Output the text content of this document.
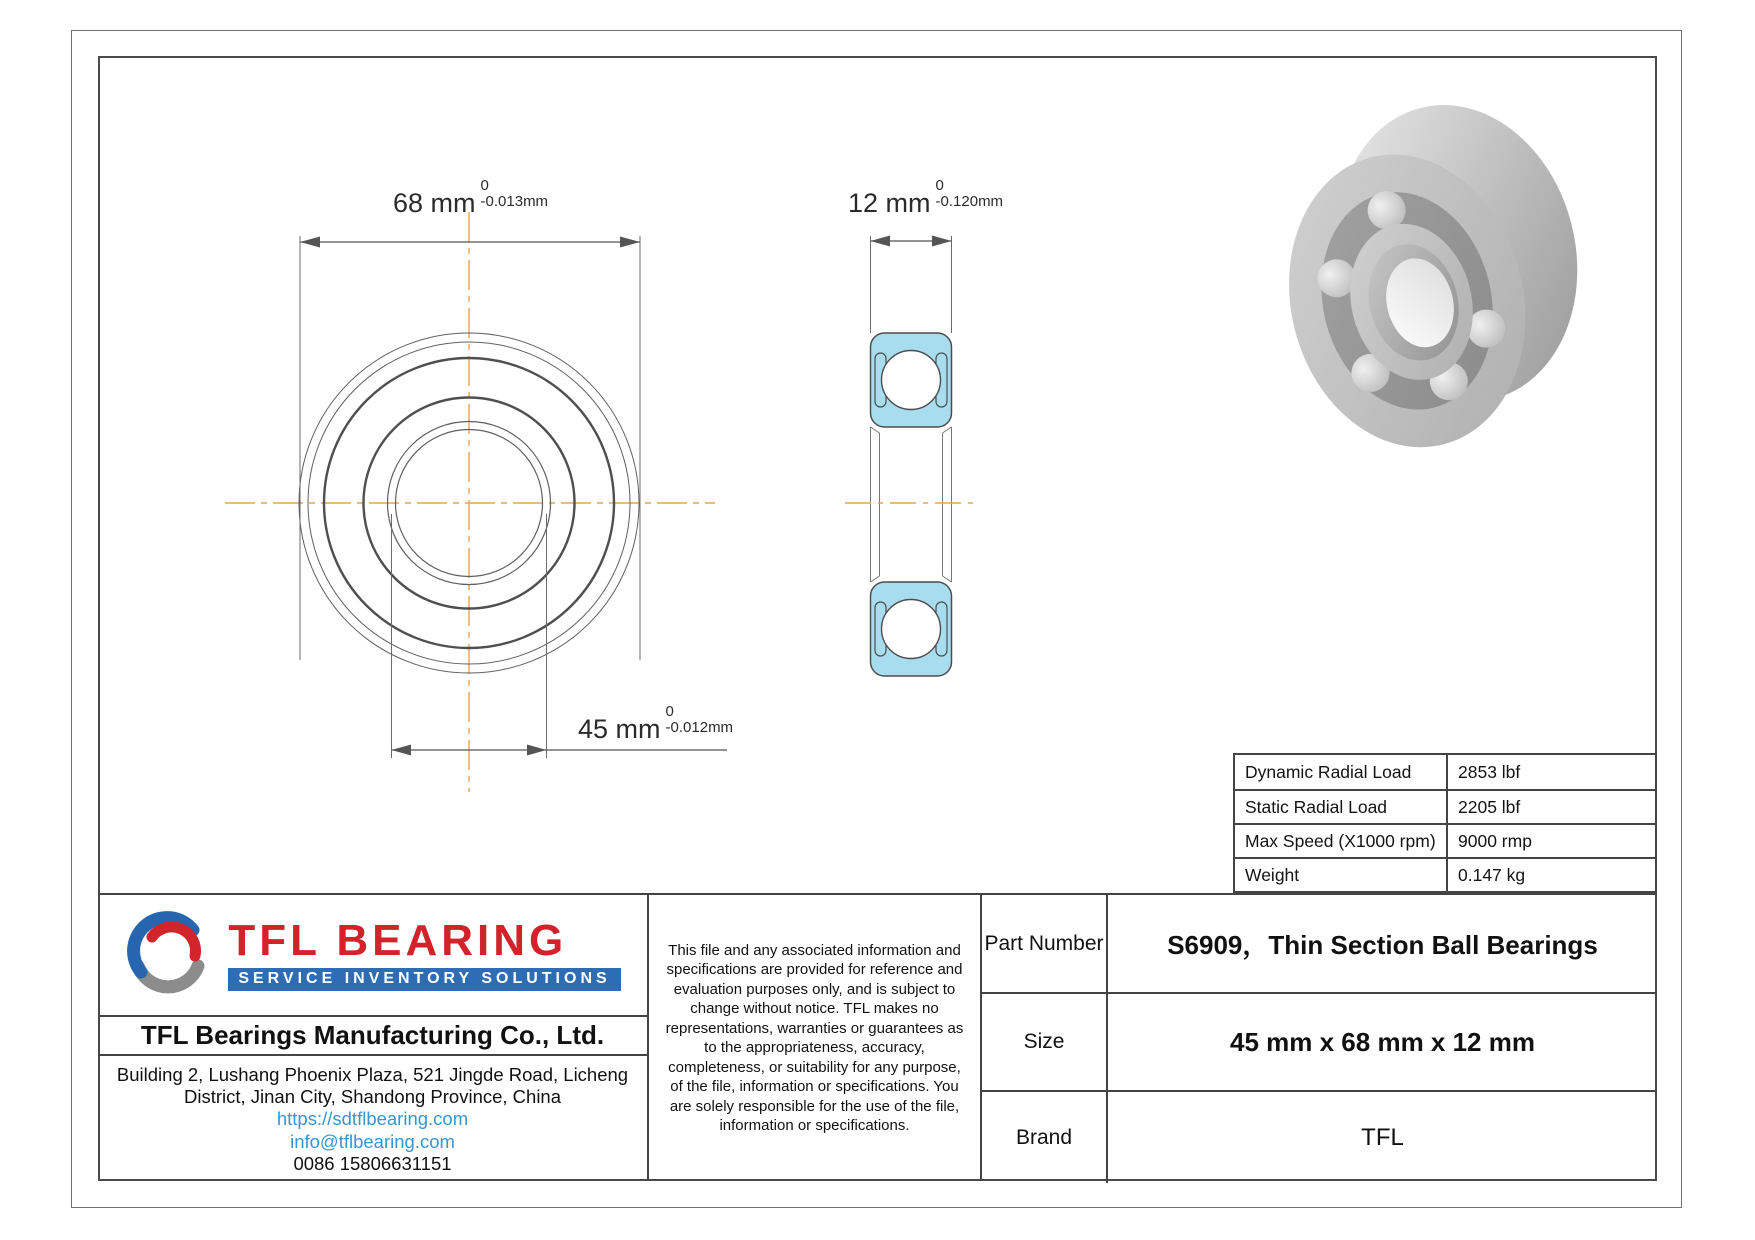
68 mm
0
-0.013mm	12 mm
0
-0.120mm
45 mm
0
-0.012mm
Dynamic Radial Load	2853 lbf
Static Radial Load	2205 lbf
Max Speed (X1000 rpm)	9000 rmp
Weight	0.147 kg
TFL BEARING
SERVICE INVENTORY SOLUTIONS
TFL Bearings Manufacturing Co., Ltd.
Building 2, Lushang Phoenix Plaza, 521 Jingde Road, Licheng
District, Jinan City, Shandong Province, China
https://sdtflbearing.com
info@tflbearing.com
0086 15806631151
This file and any associated information and specifications are provided for reference and evaluation purposes only, and is subject to change without notice. TFL makes no representations, warranties or guarantees as to the appropriateness, accuracy, completeness, or suitability for any purpose, of the file, information or specifications. You are solely responsible for the use of the file, information or specifications.
Part Number	S6909，Thin Section Ball Bearings
Size	45 mm x 68 mm x 12 mm
Brand	TFL
